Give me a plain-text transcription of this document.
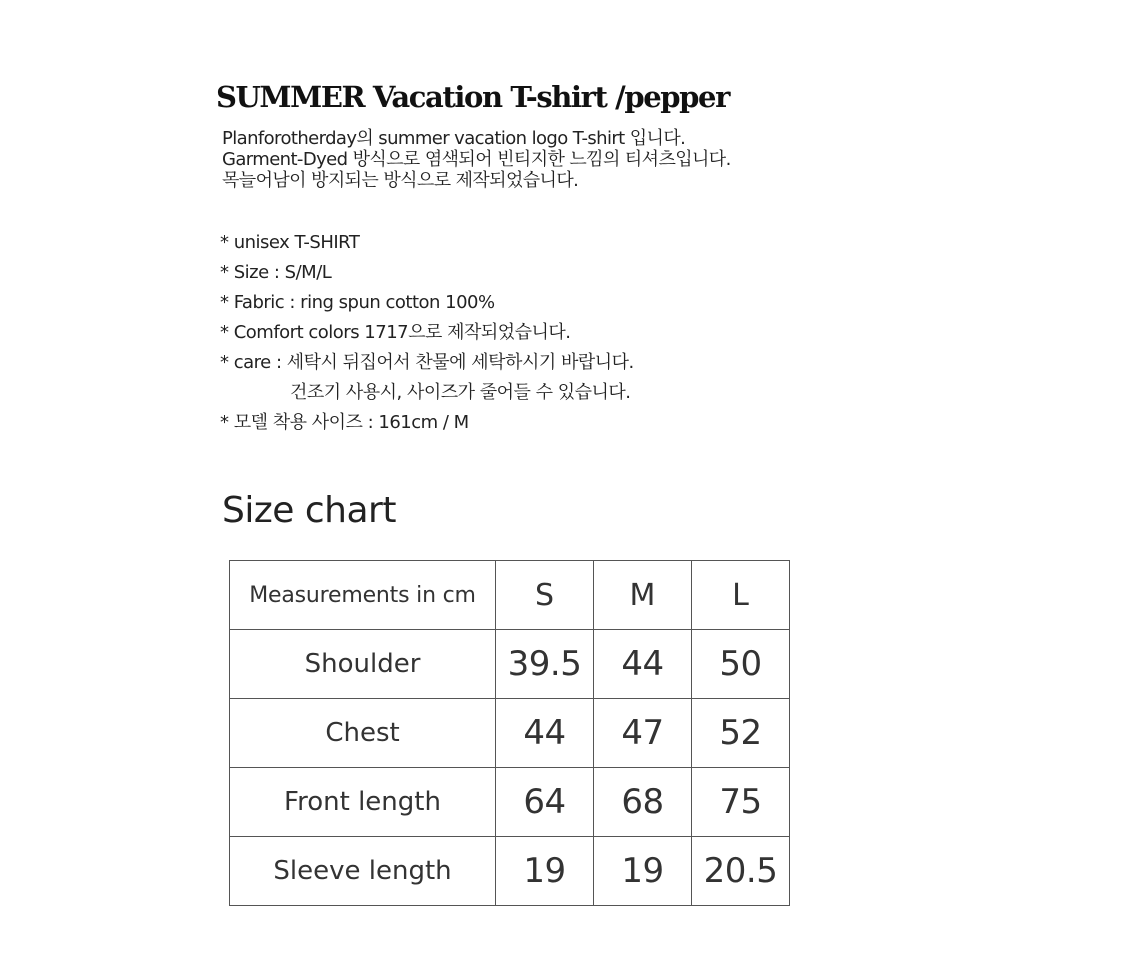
SUMMER Vacation T-shirt /pepper
Planforotherday의 summer vacation logo T-shirt 입니다.
Garment-Dyed 방식으로 염색되어 빈티지한 느낌의 티셔츠입니다.
목늘어남이 방지되는 방식으로 제작되었습니다.
* unisex T-SHIRT
* Size : S/M/L
* Fabric : ring spun cotton 100%
* Comfort colors 1717으로 제작되었습니다.
* care : 세탁시 뒤집어서 찬물에 세탁하시기 바랍니다.
건조기 사용시, 사이즈가 줄어들 수 있습니다.
* 모델 착용 사이즈 : 161cm / M
Size chart
Measurements in cm	S	M	L
Shoulder	39.5	44	50
Chest	44	47	52
Front length	64	68	75
Sleeve length	19	19	20.5
